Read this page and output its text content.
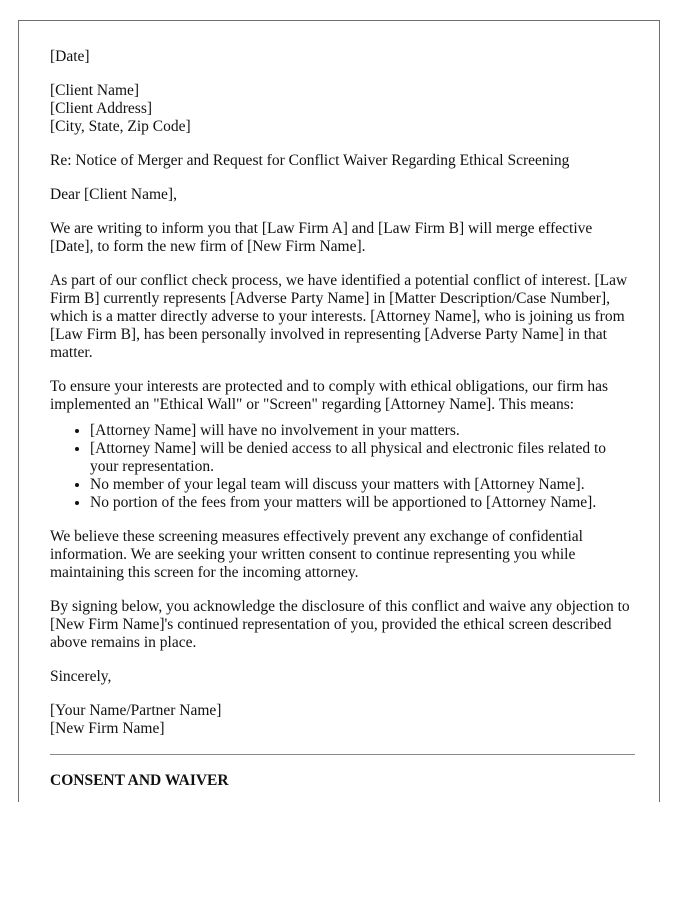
[Date]

[Client Name]
[Client Address]
[City, State, Zip Code]

Re: Notice of Merger and Request for Conflict Waiver Regarding Ethical Screening

Dear [Client Name],

We are writing to inform you that [Law Firm A] and [Law Firm B] will merge effective [Date], to form the new firm of [New Firm Name].

As part of our conflict check process, we have identified a potential conflict of interest. [Law Firm B] currently represents [Adverse Party Name] in [Matter Description/Case Number], which is a matter directly adverse to your interests. [Attorney Name], who is joining us from [Law Firm B], has been personally involved in representing [Adverse Party Name] in that matter.

To ensure your interests are protected and to comply with ethical obligations, our firm has implemented an "Ethical Wall" or "Screen" regarding [Attorney Name]. This means:

• [Attorney Name] will have no involvement in your matters.
• [Attorney Name] will be denied access to all physical and electronic files related to your representation.
• No member of your legal team will discuss your matters with [Attorney Name].
• No portion of the fees from your matters will be apportioned to [Attorney Name].

We believe these screening measures effectively prevent any exchange of confidential information. We are seeking your written consent to continue representing you while maintaining this screen for the incoming attorney.

By signing below, you acknowledge the disclosure of this conflict and waive any objection to [New Firm Name]'s continued representation of you, provided the ethical screen described above remains in place.

Sincerely,

[Your Name/Partner Name]
[New Firm Name]

CONSENT AND WAIVER
